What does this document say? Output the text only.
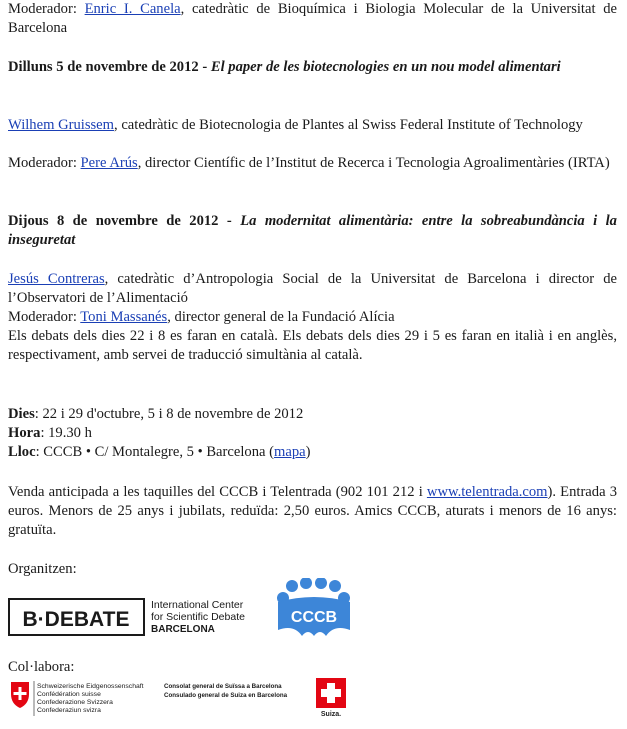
Moderador: Enric I. Canela, catedràtic de Bioquímica i Biologia Molecular de la Universitat de Barcelona

Dilluns 5 de novembre de 2012 - El paper de les biotecnologies en un nou model alimentari

Wilhem Gruissem, catedràtic de Biotecnologia de Plantes al Swiss Federal Institute of Technology

Moderador: Pere Arús, director Científic de l’Institut de Recerca i Tecnologia Agroalimentàries (IRTA)

Dijous 8 de novembre de 2012 - La modernitat alimentària: entre la sobreabundància i la inseguretat

Jesús Contreras, catedràtic d’Antropologia Social de la Universitat de Barcelona i director de l’Observatori de l’Alimentació

Moderador: Toni Massanés, director general de la Fundació Alícia

Els debats dels dies 22 i 8 es faran en català. Els debats dels dies 29 i 5 es faran en italià i en anglès, respectivament, amb servei de traducció simultània al català.

Dies: 22 i 29 d'octubre, 5 i 8 de novembre de 2012

Hora: 19.30 h

Lloc: CCCB • C/ Montalegre, 5 • Barcelona (mapa)

Venda anticipada a les taquilles del CCCB i Telentrada (902 101 212 i www.telentrada.com). Entrada 3 euros. Menors de 25 anys i jubilats, reduïda: 2,50 euros. Amics CCCB, aturats i menors de 16 anys: gratuïta.

Organitzen:

Col·labora:

B·DEBATE
International Center
for Scientific Debate
BARCELONA
CCCB
Schweizerische Eidgenossenschaft
Confédération suisse
Confederazione Svizzera
Confederaziun svizra
Consolat general de Suïssa a Barcelona
Consulado general de Suiza en Barcelona
Suiza.
